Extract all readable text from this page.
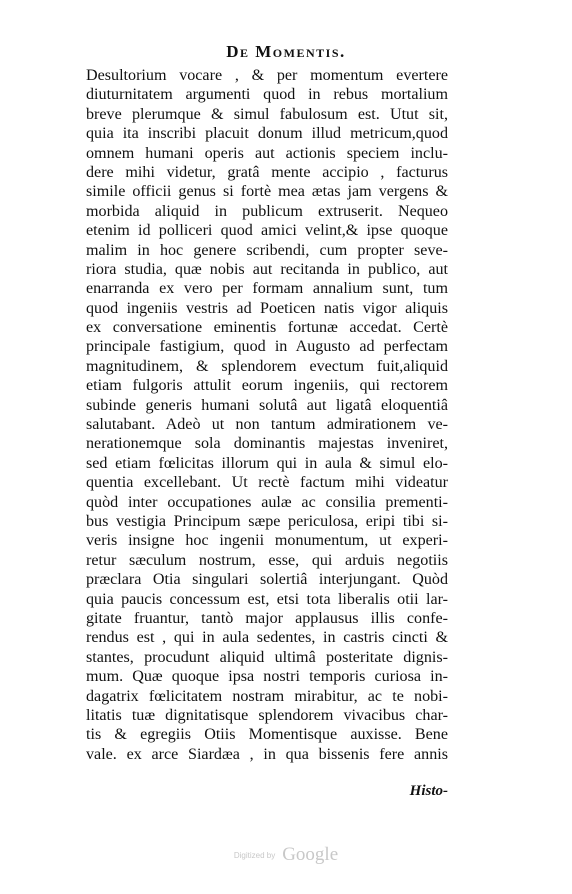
De Momentis.
Desultorium vocare , & per momentum evertere
diuturnitatem argumenti quod in rebus mortalium
breve plerumque & simul fabulosum est. Utut sit,
quia ita inscribi placuit donum illud metricum,quod
omnem humani operis aut actionis speciem inclu-
dere mihi videtur, gratâ mente accipio , facturus
simile officii genus si fortè mea ætas jam vergens &
morbida aliquid in publicum extruserit. Nequeo
etenim id polliceri quod amici velint,& ipse quoque
malim in hoc genere scribendi, cum propter seve-
riora studia, quæ nobis aut recitanda in publico, aut
enarranda ex vero per formam annalium sunt, tum
quod ingeniis vestris ad Poeticen natis vigor aliquis
ex conversatione eminentis fortunæ accedat. Certè
principale fastigium, quod in Augusto ad perfectam
magnitudinem, & splendorem evectum fuit,aliquid
etiam fulgoris attulit eorum ingeniis, qui rectorem
subinde generis humani solutâ aut ligatâ eloquentiâ
salutabant. Adeò ut non tantum admirationem ve-
nerationemque sola dominantis majestas inveniret,
sed etiam fœlicitas illorum qui in aula & simul elo-
quentia excellebant. Ut rectè factum mihi videatur
quòd inter occupationes aulæ ac consilia prementi-
bus vestigia Principum sæpe periculosa, eripi tibi si-
veris insigne hoc ingenii monumentum, ut experi-
retur sæculum nostrum, esse, qui arduis negotiis
præclara Otia singulari solertiâ interjungant. Quòd
quia paucis concessum est, etsi tota liberalis otii lar-
gitate fruantur, tantò major applausus illis confe-
rendus est , qui in aula sedentes, in castris cincti &
stantes, procudunt aliquid ultimâ posteritate dignis-
mum. Quæ quoque ipsa nostri temporis curiosa in-
dagatrix fœlicitatem nostram mirabitur, ac te nobi-
litatis tuæ dignitatisque splendorem vivacibus char-
tis & egregiis Otiis Momentisque auxisse. Bene
vale. ex arce Siardæa , in qua bissenis fere annis
Histo-
Digitized by Google
